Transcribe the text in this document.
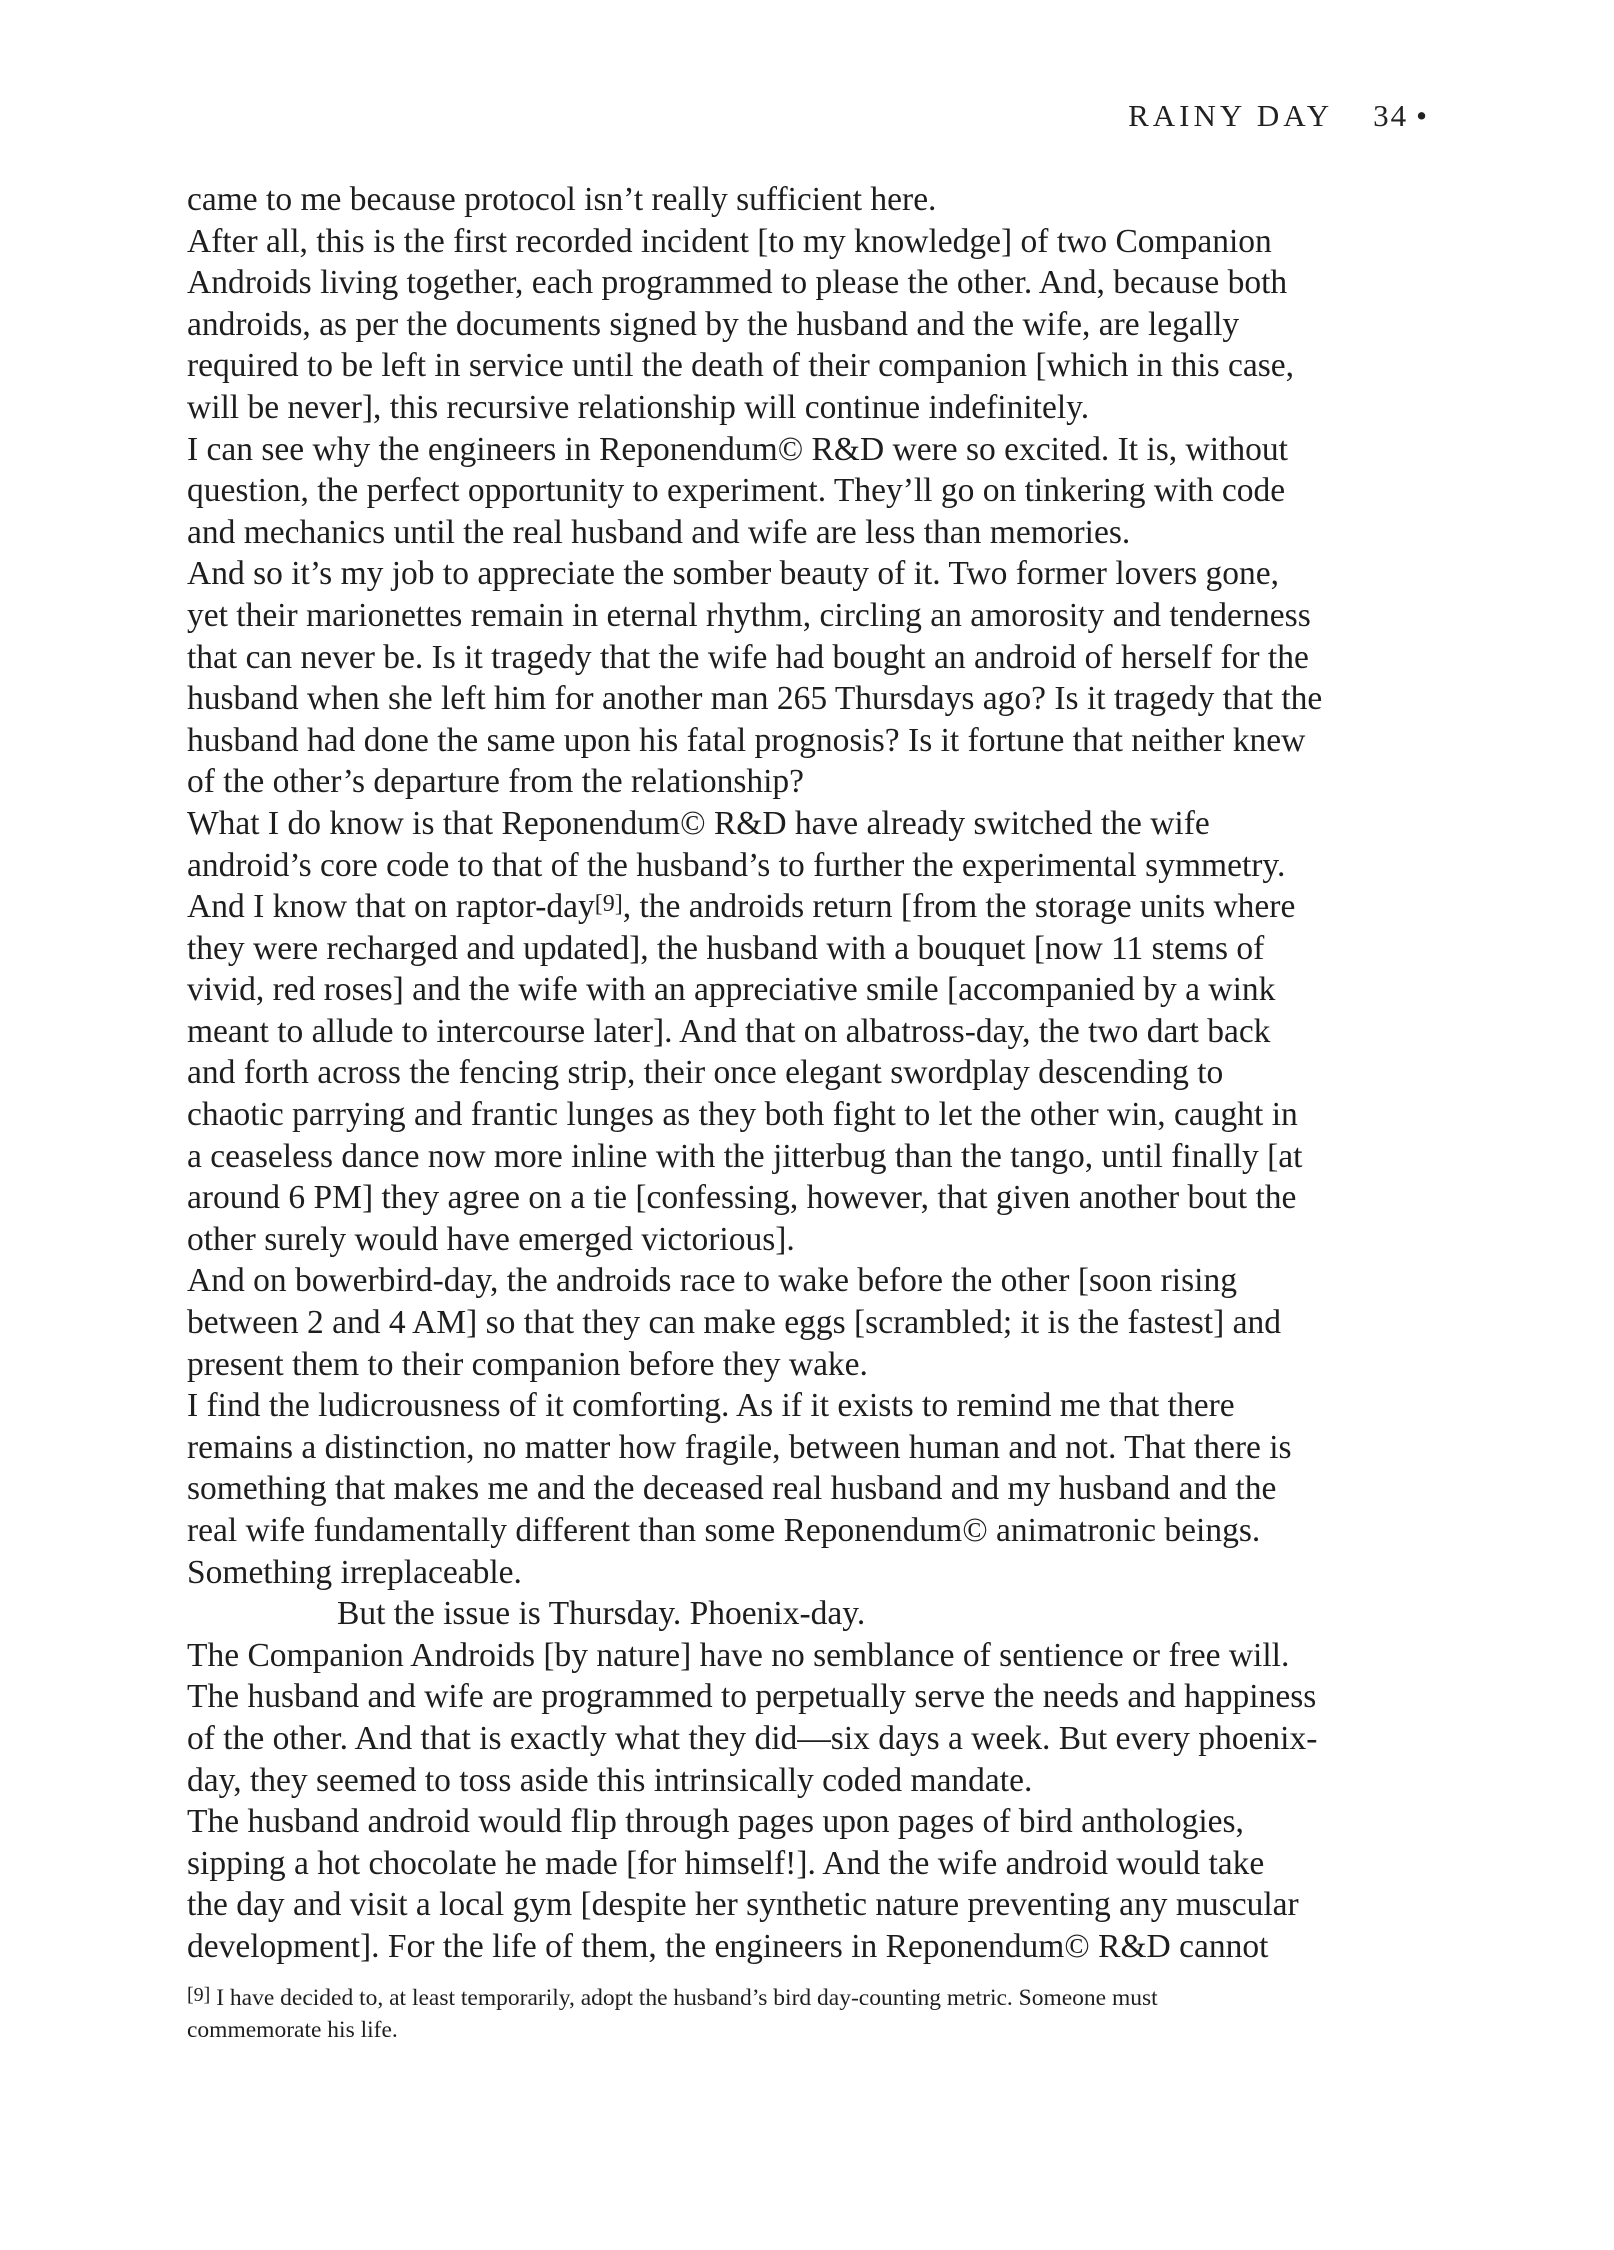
RAINY DAY 34 •
came to me because protocol isn’t really sufficient here.
After all, this is the first recorded incident [to my knowledge] of two Companion
Androids living together, each programmed to please the other. And, because both
androids, as per the documents signed by the husband and the wife, are legally
required to be left in service until the death of their companion [which in this case,
will be never], this recursive relationship will continue indefinitely.
I can see why the engineers in Reponendum© R&D were so excited. It is, without
question, the perfect opportunity to experiment. They’ll go on tinkering with code
and mechanics until the real husband and wife are less than memories.
And so it’s my job to appreciate the somber beauty of it. Two former lovers gone,
yet their marionettes remain in eternal rhythm, circling an amorosity and tenderness
that can never be. Is it tragedy that the wife had bought an android of herself for the
husband when she left him for another man 265 Thursdays ago? Is it tragedy that the
husband had done the same upon his fatal prognosis? Is it fortune that neither knew
of the other’s departure from the relationship?
What I do know is that Reponendum© R&D have already switched the wife
android’s core code to that of the husband’s to further the experimental symmetry.
And I know that on raptor-day[9], the androids return [from the storage units where
they were recharged and updated], the husband with a bouquet [now 11 stems of
vivid, red roses] and the wife with an appreciative smile [accompanied by a wink
meant to allude to intercourse later]. And that on albatross-day, the two dart back
and forth across the fencing strip, their once elegant swordplay descending to
chaotic parrying and frantic lunges as they both fight to let the other win, caught in
a ceaseless dance now more inline with the jitterbug than the tango, until finally [at
around 6 PM] they agree on a tie [confessing, however, that given another bout the
other surely would have emerged victorious].
And on bowerbird-day, the androids race to wake before the other [soon rising
between 2 and 4 AM] so that they can make eggs [scrambled; it is the fastest] and
present them to their companion before they wake.
I find the ludicrousness of it comforting. As if it exists to remind me that there
remains a distinction, no matter how fragile, between human and not. That there is
something that makes me and the deceased real husband and my husband and the
real wife fundamentally different than some Reponendum© animatronic beings.
Something irreplaceable.
But the issue is Thursday. Phoenix-day.
The Companion Androids [by nature] have no semblance of sentience or free will.
The husband and wife are programmed to perpetually serve the needs and happiness
of the other. And that is exactly what they did—six days a week. But every phoenix-
day, they seemed to toss aside this intrinsically coded mandate.
The husband android would flip through pages upon pages of bird anthologies,
sipping a hot chocolate he made [for himself!]. And the wife android would take
the day and visit a local gym [despite her synthetic nature preventing any muscular
development]. For the life of them, the engineers in Reponendum© R&D cannot
[9] I have decided to, at least temporarily, adopt the husband’s bird day-counting metric. Someone must
commemorate his life.
